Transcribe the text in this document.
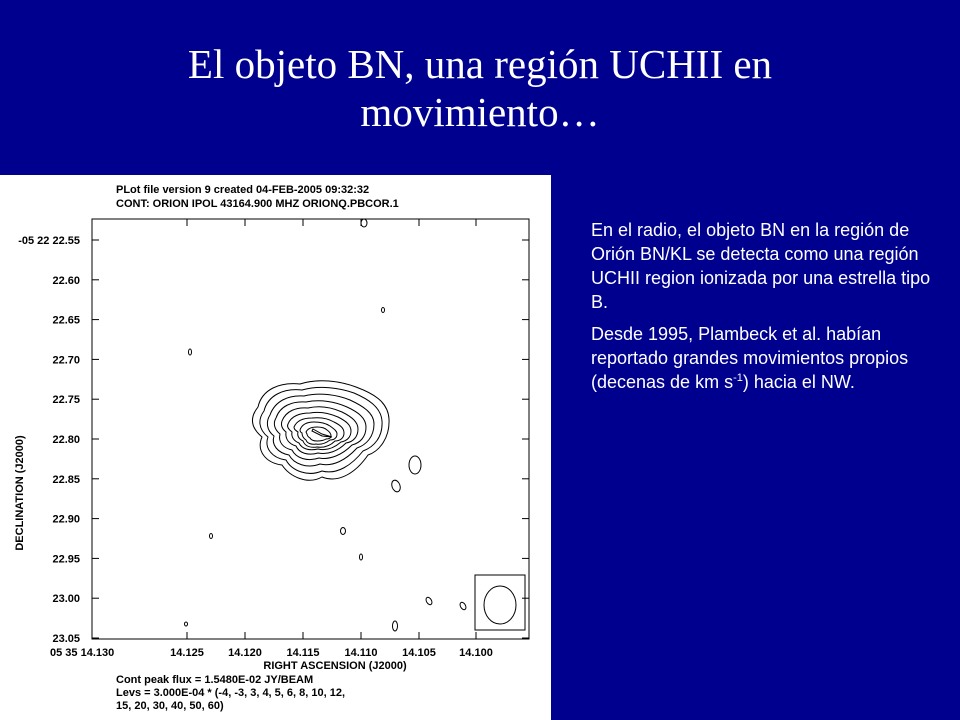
El objeto BN, una región UCHII en
movimiento…
PLot file version 9 created 04-FEB-2005 09:32:32
CONT: ORION IPOL 43164.900 MHZ ORIONQ.PBCOR.1
-05 22 22.55
22.60
22.65
22.70
22.75
22.80
22.85
22.90
22.95
23.00
23.05
05 35 14.130	14.125 14.120 14.115 14.110 14.105 14.100
DECLINATION (J2000)
RIGHT ASCENSION (J2000)
Cont peak flux = 1.5480E-02 JY/BEAM
Levs = 3.000E-04 * (-4, -3, 3, 4, 5, 6, 8, 10, 12,
15, 20, 30, 40, 50, 60)

En el radio, el objeto BN en la región de Orión BN/KL se detecta como una región UCHII region ionizada por una estrella tipo B.

Desde 1995, Plambeck et al. habían reportado grandes movimientos propios (decenas de km $s^{-1}$) hacia el NW.
